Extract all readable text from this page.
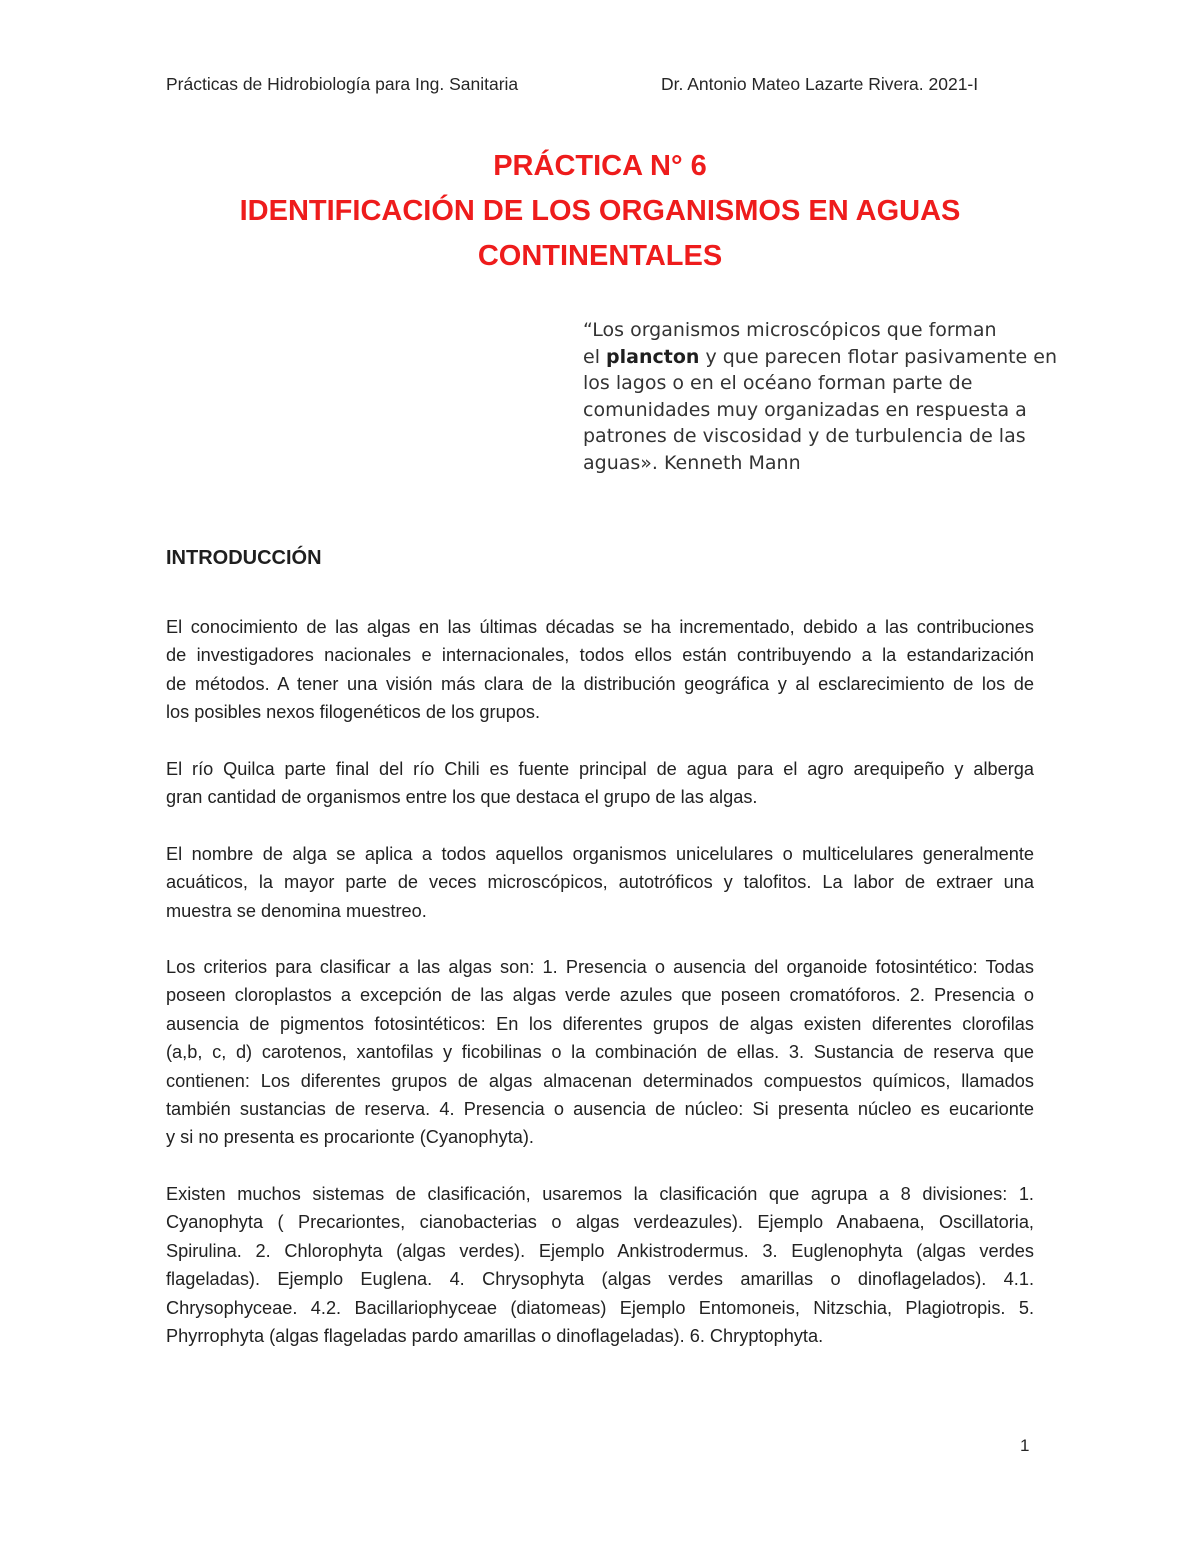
Prácticas de Hidrobiología para Ing. Sanitaria	Dr. Antonio Mateo Lazarte Rivera. 2021-I
PRÁCTICA N° 6
IDENTIFICACIÓN DE LOS ORGANISMOS EN AGUAS
CONTINENTALES
“Los organismos microscópicos que forman
el plancton y que parecen flotar pasivamente en
los lagos o en el océano forman parte de
comunidades muy organizadas en respuesta a
patrones de viscosidad y de turbulencia de las
aguas». Kenneth Mann
INTRODUCCIÓN
El conocimiento de las algas en las últimas décadas se ha incrementado, debido a las contribuciones
de investigadores nacionales e internacionales, todos ellos están contribuyendo a la estandarización
de métodos. A tener una visión más clara de la distribución geográfica y al esclarecimiento de los de
los posibles nexos filogenéticos de los grupos.
El río Quilca parte final del río Chili es fuente principal de agua para el agro arequipeño y alberga
gran cantidad de organismos entre los que destaca el grupo de las algas.
El nombre de alga se aplica a todos aquellos organismos unicelulares o multicelulares generalmente
acuáticos, la mayor parte de veces microscópicos, autotróficos y talofitos. La labor de extraer una
muestra se denomina muestreo.
Los criterios para clasificar a las algas son: 1. Presencia o ausencia del organoide fotosintético: Todas
poseen cloroplastos a excepción de las algas verde azules que poseen cromatóforos. 2. Presencia o
ausencia de pigmentos fotosintéticos: En los diferentes grupos de algas existen diferentes clorofilas
(a,b, c, d) carotenos, xantofilas y ficobilinas o la combinación de ellas. 3. Sustancia de reserva que
contienen: Los diferentes grupos de algas almacenan determinados compuestos químicos, llamados
también sustancias de reserva. 4. Presencia o ausencia de núcleo: Si presenta núcleo es eucarionte
y si no presenta es procarionte (Cyanophyta).
Existen muchos sistemas de clasificación, usaremos la clasificación que agrupa a 8 divisiones: 1.
Cyanophyta ( Precariontes, cianobacterias o algas verdeazules). Ejemplo Anabaena, Oscillatoria,
Spirulina. 2. Chlorophyta (algas verdes). Ejemplo Ankistrodermus. 3. Euglenophyta (algas verdes
flageladas). Ejemplo Euglena. 4. Chrysophyta (algas verdes amarillas o dinoflagelados). 4.1.
Chrysophyceae. 4.2. Bacillariophyceae (diatomeas) Ejemplo Entomoneis, Nitzschia, Plagiotropis. 5.
Phyrrophyta (algas flageladas pardo amarillas o dinoflageladas). 6. Chryptophyta.
1
